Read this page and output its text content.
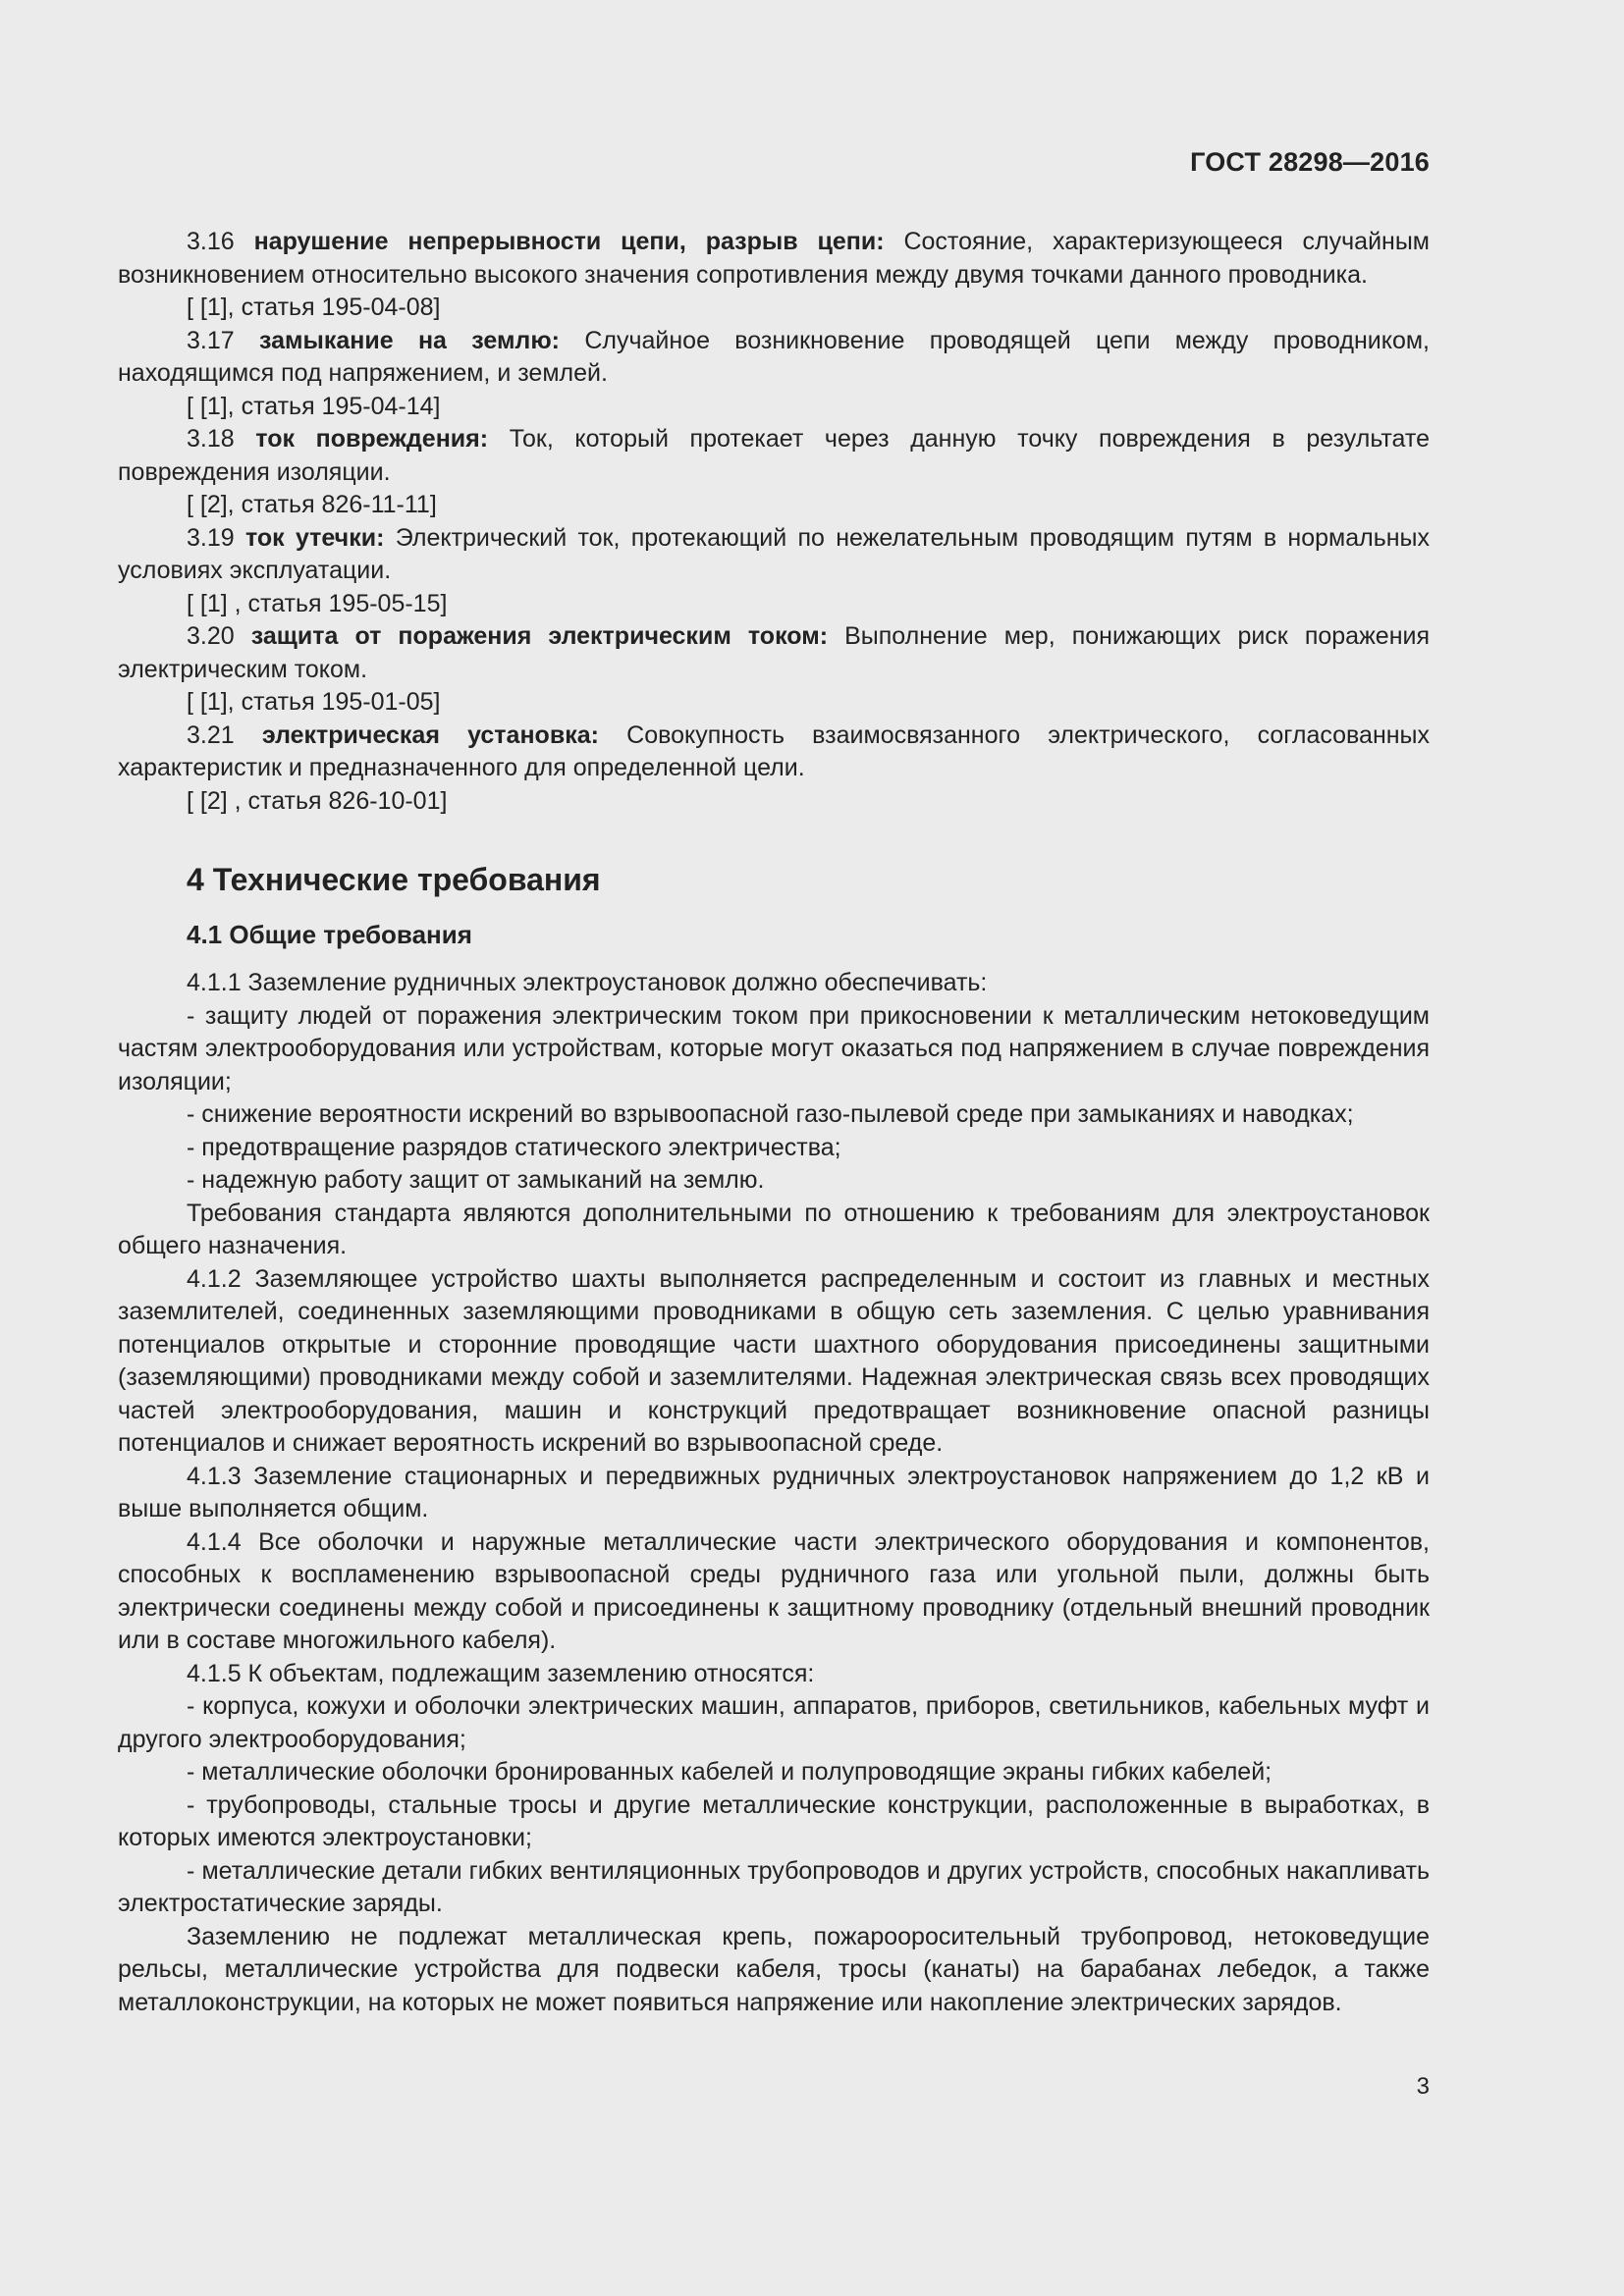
ГОСТ 28298—2016

3.16 нарушение непрерывности цепи, разрыв цепи: Состояние, характеризующееся случайным возникновением относительно высокого значения сопротивления между двумя точками данного проводника.

[ [1], статья 195-04-08]

3.17 замыкание на землю: Случайное возникновение проводящей цепи между проводником, находящимся под напряжением, и землей.

[ [1], статья 195-04-14]

3.18 ток повреждения: Ток, который протекает через данную точку повреждения в результате повреждения изоляции.

[ [2], статья 826-11-11]

3.19 ток утечки: Электрический ток, протекающий по нежелательным проводящим путям в нормальных условиях эксплуатации.

[ [1] , статья 195-05-15]

3.20 защита от поражения электрическим током: Выполнение мер, понижающих риск поражения электрическим током.

[ [1], статья 195-01-05]

3.21 электрическая установка: Совокупность взаимосвязанного электрического, согласованных характеристик и предназначенного для определенной цели.

[ [2] , статья 826-10-01]

4 Технические требования
4.1 Общие требования

4.1.1 Заземление рудничных электроустановок должно обеспечивать:

- защиту людей от поражения электрическим током при прикосновении к металлическим нетоковедущим частям электрооборудования или устройствам, которые могут оказаться под напряжением в случае повреждения изоляции;

- снижение вероятности искрений во взрывоопасной газо-пылевой среде при замыканиях и наводках;

- предотвращение разрядов статического электричества;

- надежную работу защит от замыканий на землю.

Требования стандарта являются дополнительными по отношению к требованиям для электроустановок общего назначения.

4.1.2 Заземляющее устройство шахты выполняется распределенным и состоит из главных и местных заземлителей, соединенных заземляющими проводниками в общую сеть заземления. С целью уравнивания потенциалов открытые и сторонние проводящие части шахтного оборудования присоединены защитными (заземляющими) проводниками между собой и заземлителями. Надежная электрическая связь всех проводящих частей электрооборудования, машин и конструкций предотвращает возникновение опасной разницы потенциалов и снижает вероятность искрений во взрывоопасной среде.

4.1.3 Заземление стационарных и передвижных рудничных электроустановок напряжением до 1,2 кВ и выше выполняется общим.

4.1.4 Все оболочки и наружные металлические части электрического оборудования и компонентов, способных к воспламенению взрывоопасной среды рудничного газа или угольной пыли, должны быть электрически соединены между собой и присоединены к защитному проводнику (отдельный внешний проводник или в составе многожильного кабеля).

4.1.5 К объектам, подлежащим заземлению относятся:

- корпуса, кожухи и оболочки электрических машин, аппаратов, приборов, светильников, кабельных муфт и другого электрооборудования;

- металлические оболочки бронированных кабелей и полупроводящие экраны гибких кабелей;

- трубопроводы, стальные тросы и другие металлические конструкции, расположенные в выработках, в которых имеются электроустановки;

- металлические детали гибких вентиляционных трубопроводов и других устройств, способных накапливать электростатические заряды.

Заземлению не подлежат металлическая крепь, пожарооросительный трубопровод, нетоковедущие рельсы, металлические устройства для подвески кабеля, тросы (канаты) на барабанах лебедок, а также металлоконструкции, на которых не может появиться напряжение или накопление электрических зарядов.

3
